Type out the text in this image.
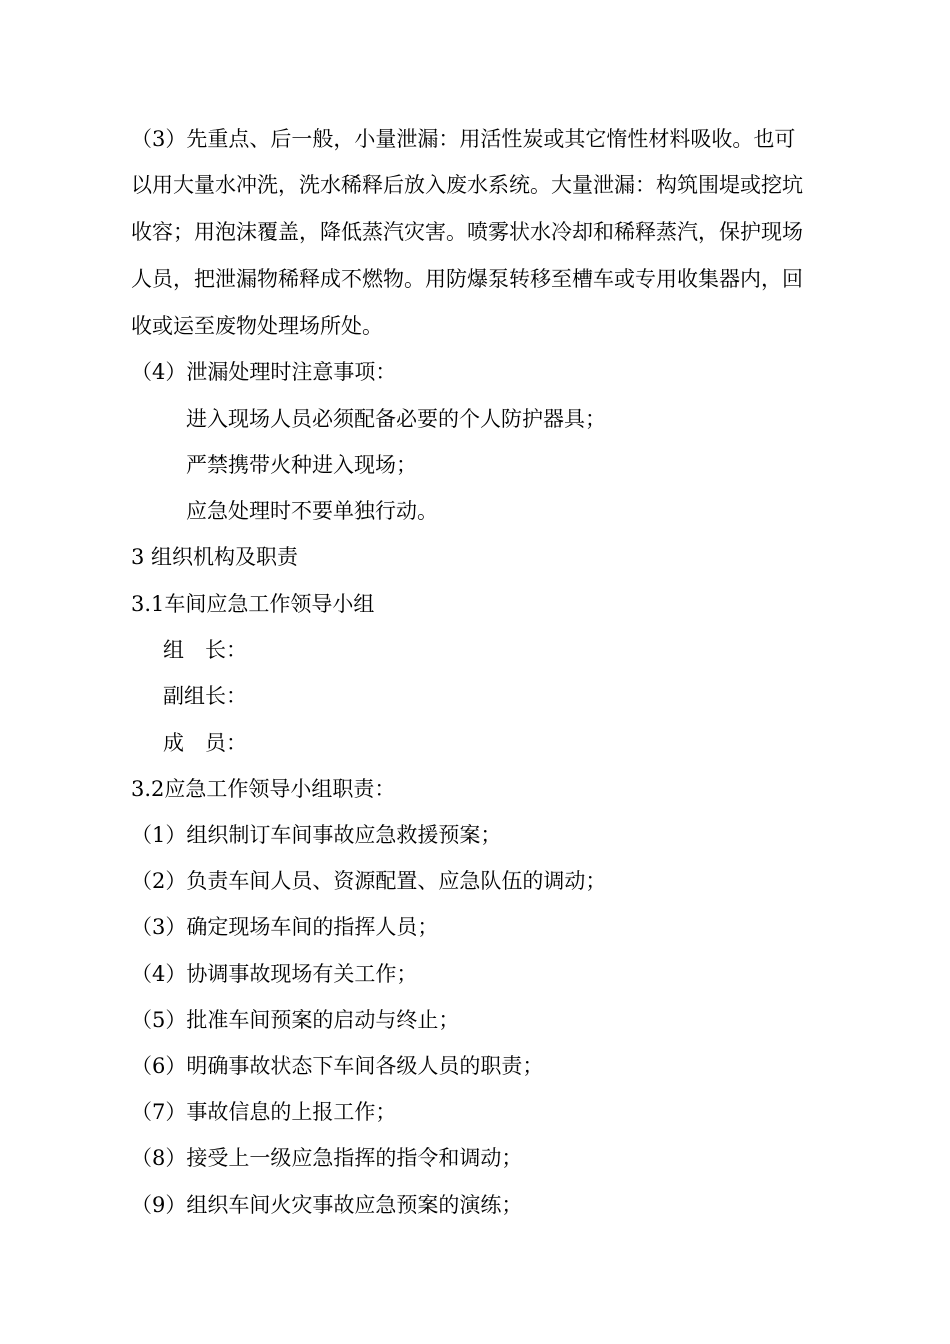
（3）先重点、后一般，小量泄漏：用活性炭或其它惰性材料吸收。也可
以用大量水冲洗，洗水稀释后放入废水系统。大量泄漏：构筑围堤或挖坑
收容；用泡沫覆盖，降低蒸汽灾害。喷雾状水冷却和稀释蒸汽，保护现场
人员，把泄漏物稀释成不燃物。用防爆泵转移至槽车或专用收集器内，回
收或运至废物处理场所处。
（4）泄漏处理时注意事项：
进入现场人员必须配备必要的个人防护器具；
严禁携带火种进入现场；
应急处理时不要单独行动。
3 组织机构及职责
3.1车间应急工作领导小组
组　长：
副组长：
成　员：
3.2应急工作领导小组职责：
（1）组织制订车间事故应急救援预案；
（2）负责车间人员、资源配置、应急队伍的调动；
（3）确定现场车间的指挥人员；
（4）协调事故现场有关工作；
（5）批准车间预案的启动与终止；
（6）明确事故状态下车间各级人员的职责；
（7）事故信息的上报工作；
（8）接受上一级应急指挥的指令和调动；
（9）组织车间火灾事故应急预案的演练；
